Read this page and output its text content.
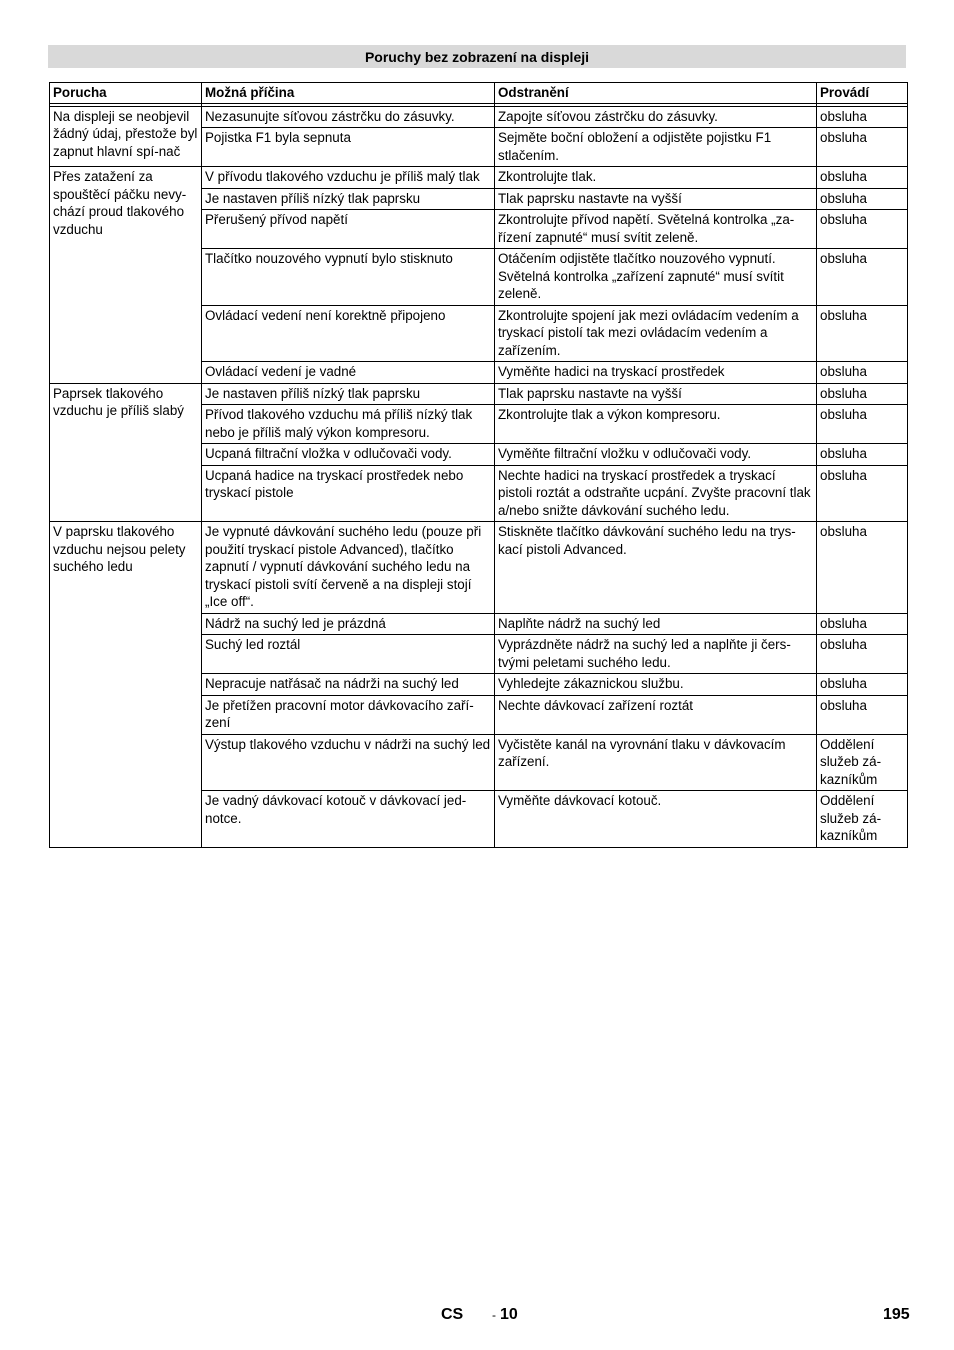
Poruchy bez zobrazení na displeji
Porucha	Možná příčina	Odstranění	Provádí

Na displeji se neobjevil žádný údaj, přestože byl zapnut hlavní spí-nač	Nezasunujte síťovou zástrčku do zásuvky.	Zapojte síťovou zástrčku do zásuvky.	obsluha
	Pojistka F1 byla sepnuta	Sejměte boční obložení a odjistěte pojistku F1 stlačením.	obsluha
Přes zatažení za spouštěcí páčku nevy-chází proud tlakového vzduchu	V přívodu tlakového vzduchu je příliš malý tlak	Zkontrolujte tlak.	obsluha
	Je nastaven příliš nízký tlak paprsku	Tlak paprsku nastavte na vyšší	obsluha
	Přerušený přívod napětí	Zkontrolujte přívod napětí. Světelná kontrolka „za-řízení zapnuté“ musí svítit zeleně.	obsluha
	Tlačítko nouzového vypnutí bylo stisknuto	Otáčením odjistěte tlačítko nouzového vypnutí. Světelná kontrolka „zařízení zapnuté“ musí svítit zeleně.	obsluha
	Ovládací vedení není korektně připojeno	Zkontrolujte spojení jak mezi ovládacím vedením a tryskací pistolí tak mezi ovládacím vedením a zařízením.	obsluha
	Ovládací vedení je vadné	Vyměňte hadici na tryskací prostředek	obsluha
Paprsek tlakového vzduchu je příliš slabý	Je nastaven příliš nízký tlak paprsku	Tlak paprsku nastavte na vyšší	obsluha
	Přívod tlakového vzduchu má příliš nízký tlak nebo je příliš malý výkon kompresoru.	Zkontrolujte tlak a výkon kompresoru.	obsluha
	Ucpaná filtrační vložka v odlučovači vody.	Vyměňte filtrační vložku v odlučovači vody.	obsluha
	Ucpaná hadice na tryskací prostředek nebo tryskací pistole	Nechte hadici na tryskací prostředek a tryskací pistoli roztát a odstraňte ucpání. Zvyšte pracovní tlak a/nebo snižte dávkování suchého ledu.	obsluha
V paprsku tlakového vzduchu nejsou pelety suchého ledu	Je vypnuté dávkování suchého ledu (pouze při použití tryskací pistole Advanced), tlačítko zapnutí / vypnutí dávkování suchého ledu na tryskací pistoli svítí červeně a na displeji stojí „Ice off“.	Stiskněte tlačítko dávkování suchého ledu na trys-kací pistoli Advanced.	obsluha
	Nádrž na suchý led je prázdná	Naplňte nádrž na suchý led	obsluha
	Suchý led roztál	Vyprázdněte nádrž na suchý led a naplňte ji čers-tvými peletami suchého ledu.	obsluha
	Nepracuje natřásač na nádrži na suchý led	Vyhledejte zákaznickou službu.	obsluha
	Je přetížen pracovní motor dávkovacího zaří-zení	Nechte dávkovací zařízení roztát	obsluha
	Výstup tlakového vzduchu v nádrži na suchý led	Vyčistěte kanál na vyrovnání tlaku v dávkovacím zařízení.	Oddělení služeb zá-kazníkům
	Je vadný dávkovací kotouč v dávkovací jed-notce.	Vyměňte dávkovací kotouč.	Oddělení služeb zá-kazníkům
CS - 10	195
